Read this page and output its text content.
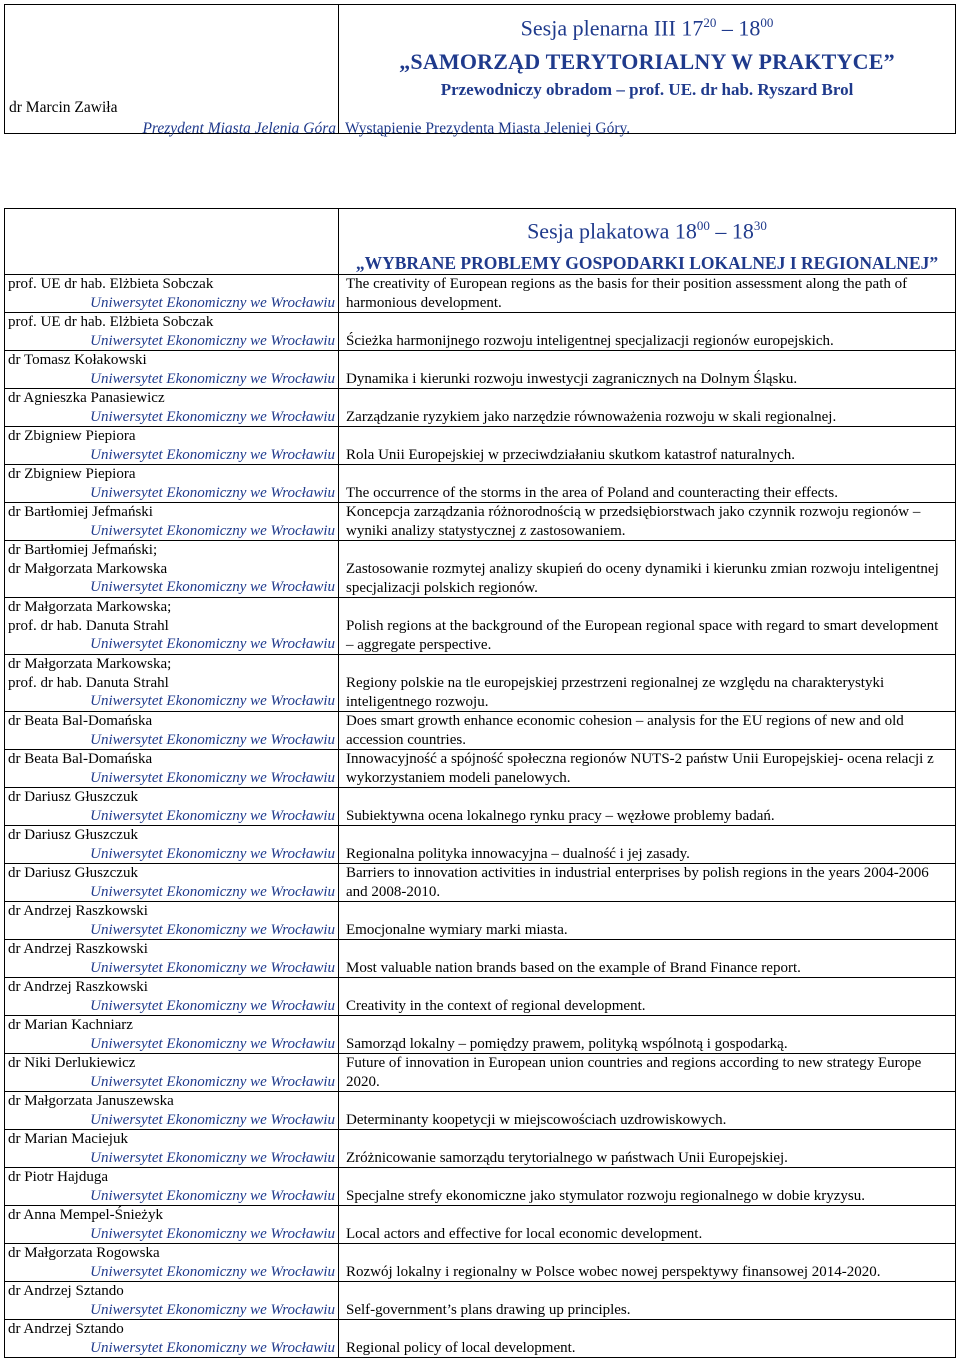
dr Marcin Zawiła
Prezydent Miasta Jelenia Góra

Sesja plenarna III $17^{20} - 18^{00}$
„SAMORZĄD TERYTORIALNY W PRAKTYCE”
Przewodniczy obradom – prof. UE. dr hab. Ryszard Brol
Wystąpienie Prezydenta Miasta Jeleniej Góry.

	Sesja plakatowa $18^{00} - 18^{30}$
„WYBRANE PROBLEMY GOSPODARKI LOKALNEJ I REGIONALNEJ”

prof. UE dr hab. Elżbieta Sobczak
Uniwersytet Ekonomiczny we Wrocławiu	The creativity of European regions as the basis for their position assessment along the path of harmonious development.

prof. UE dr hab. Elżbieta Sobczak
Uniwersytet Ekonomiczny we Wrocławiu	Ścieżka harmonijnego rozwoju inteligentnej specjalizacji regionów europejskich.

dr Tomasz Kołakowski
Uniwersytet Ekonomiczny we Wrocławiu	Dynamika i kierunki rozwoju inwestycji zagranicznych na Dolnym Śląsku.

dr Agnieszka Panasiewicz
Uniwersytet Ekonomiczny we Wrocławiu	Zarządzanie ryzykiem jako narzędzie równoważenia rozwoju w skali regionalnej.

dr Zbigniew Piepiora
Uniwersytet Ekonomiczny we Wrocławiu	Rola Unii Europejskiej w przeciwdziałaniu skutkom katastrof naturalnych.

dr Zbigniew Piepiora
Uniwersytet Ekonomiczny we Wrocławiu	The occurrence of the storms in the area of Poland and counteracting their effects.

dr Bartłomiej Jefmański
Uniwersytet Ekonomiczny we Wrocławiu	Koncepcja zarządzania różnorodnością w przedsiębiorstwach jako czynnik rozwoju regionów – wyniki analizy statystycznej z zastosowaniem.

dr Bartłomiej Jefmański;
dr Małgorzata Markowska
Uniwersytet Ekonomiczny we Wrocławiu	Zastosowanie rozmytej analizy skupień do oceny dynamiki i kierunku zmian rozwoju inteligentnej specjalizacji polskich regionów.

dr Małgorzata Markowska;
prof. dr hab. Danuta Strahl
Uniwersytet Ekonomiczny we Wrocławiu	Polish regions at the background of the European regional space with regard to smart development – aggregate perspective.

dr Małgorzata Markowska;
prof. dr hab. Danuta Strahl
Uniwersytet Ekonomiczny we Wrocławiu	Regiony polskie na tle europejskiej przestrzeni regionalnej ze względu na charakterystyki inteligentnego rozwoju.

dr Beata Bal-Domańska
Uniwersytet Ekonomiczny we Wrocławiu	Does smart growth enhance economic cohesion – analysis for the EU regions of new and old accession countries.

dr Beata Bal-Domańska
Uniwersytet Ekonomiczny we Wrocławiu	Innowacyjność a spójność społeczna regionów NUTS-2 państw Unii Europejskiej- ocena relacji z wykorzystaniem modeli panelowych.

dr Dariusz Głuszczuk
Uniwersytet Ekonomiczny we Wrocławiu	Subiektywna ocena lokalnego rynku pracy – węzłowe problemy badań.

dr Dariusz Głuszczuk
Uniwersytet Ekonomiczny we Wrocławiu	Regionalna polityka innowacyjna – dualność i jej zasady.

dr Dariusz Głuszczuk
Uniwersytet Ekonomiczny we Wrocławiu	Barriers to innovation activities in industrial enterprises by polish regions in the years 2004-2006 and 2008-2010.

dr Andrzej Raszkowski
Uniwersytet Ekonomiczny we Wrocławiu	Emocjonalne wymiary marki miasta.

dr Andrzej Raszkowski
Uniwersytet Ekonomiczny we Wrocławiu	Most valuable nation brands based on the example of Brand Finance report.

dr Andrzej Raszkowski
Uniwersytet Ekonomiczny we Wrocławiu	Creativity in the context of regional development.

dr Marian Kachniarz
Uniwersytet Ekonomiczny we Wrocławiu	Samorząd lokalny – pomiędzy prawem, polityką wspólnotą i gospodarką.

dr Niki Derlukiewicz
Uniwersytet Ekonomiczny we Wrocławiu	Future of innovation in European union countries and regions according to new strategy Europe 2020.

dr Małgorzata Januszewska
Uniwersytet Ekonomiczny we Wrocławiu	Determinanty koopetycji w miejscowościach uzdrowiskowych.

dr Marian Maciejuk
Uniwersytet Ekonomiczny we Wrocławiu	Zróżnicowanie samorządu terytorialnego w państwach Unii Europejskiej.

dr Piotr Hajduga
Uniwersytet Ekonomiczny we Wrocławiu	Specjalne strefy ekonomiczne jako stymulator rozwoju regionalnego w dobie kryzysu.

dr Anna Mempel-Śnieżyk
Uniwersytet Ekonomiczny we Wrocławiu	Local actors and effective for local economic development.

dr Małgorzata Rogowska
Uniwersytet Ekonomiczny we Wrocławiu	Rozwój lokalny i regionalny w Polsce wobec nowej perspektywy finansowej 2014-2020.

dr Andrzej Sztando
Uniwersytet Ekonomiczny we Wrocławiu	Self-government’s plans drawing up principles.

dr Andrzej Sztando
Uniwersytet Ekonomiczny we Wrocławiu	Regional policy of local development.
